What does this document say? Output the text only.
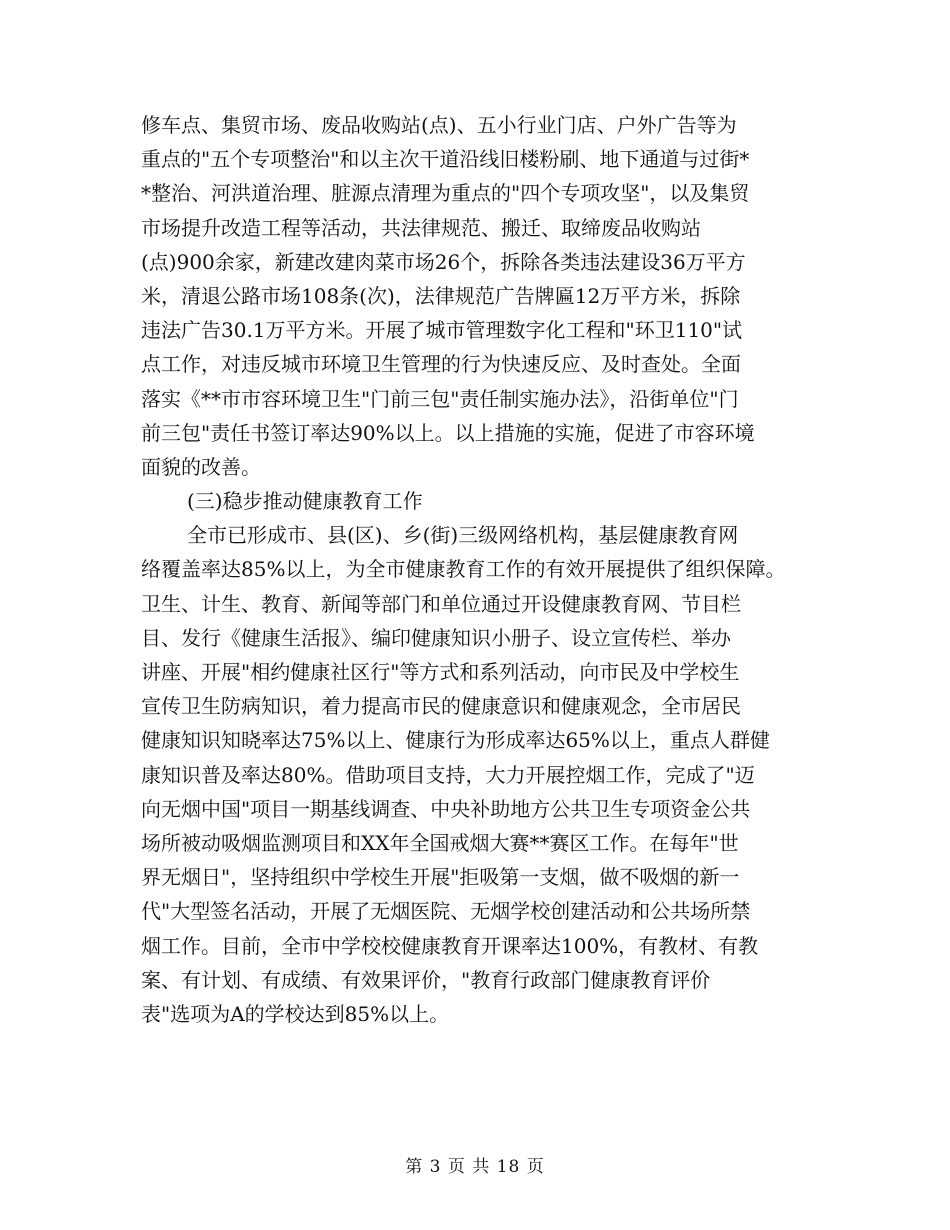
修车点、集贸市场、废品收购站(点)、五小行业门店、户外广告等为
重点的"五个专项整治"和以主次干道沿线旧楼粉刷、地下通道与过街*
*整治、河洪道治理、脏源点清理为重点的"四个专项攻坚"，以及集贸
市场提升改造工程等活动，共法律规范、搬迁、取缔废品收购站
(点)900余家，新建改建肉菜市场26个，拆除各类违法建设36万平方
米，清退公路市场108条(次)，法律规范广告牌匾12万平方米，拆除
违法广告30.1万平方米。开展了城市管理数字化工程和"环卫110"试
点工作，对违反城市环境卫生管理的行为快速反应、及时查处。全面
落实《**市市容环境卫生"门前三包"责任制实施办法》，沿街单位"门
前三包"责任书签订率达90%以上。以上措施的实施，促进了市容环境
面貌的改善。
(三)稳步推动健康教育工作
全市已形成市、县(区)、乡(街)三级网络机构，基层健康教育网
络覆盖率达85%以上，为全市健康教育工作的有效开展提供了组织保障。
卫生、计生、教育、新闻等部门和单位通过开设健康教育网、节目栏
目、发行《健康生活报》、编印健康知识小册子、设立宣传栏、举办
讲座、开展"相约健康社区行"等方式和系列活动，向市民及中学校生
宣传卫生防病知识，着力提高市民的健康意识和健康观念，全市居民
健康知识知晓率达75%以上、健康行为形成率达65%以上，重点人群健
康知识普及率达80%。借助项目支持，大力开展控烟工作，完成了"迈
向无烟中国"项目一期基线调查、中央补助地方公共卫生专项资金公共
场所被动吸烟监测项目和XX年全国戒烟大赛**赛区工作。在每年"世
界无烟日"，坚持组织中学校生开展"拒吸第一支烟，做不吸烟的新一
代"大型签名活动，开展了无烟医院、无烟学校创建活动和公共场所禁
烟工作。目前，全市中学校校健康教育开课率达100%，有教材、有教
案、有计划、有成绩、有效果评价，"教育行政部门健康教育评价
表"选项为A的学校达到85%以上。
第 3 页 共 18 页
